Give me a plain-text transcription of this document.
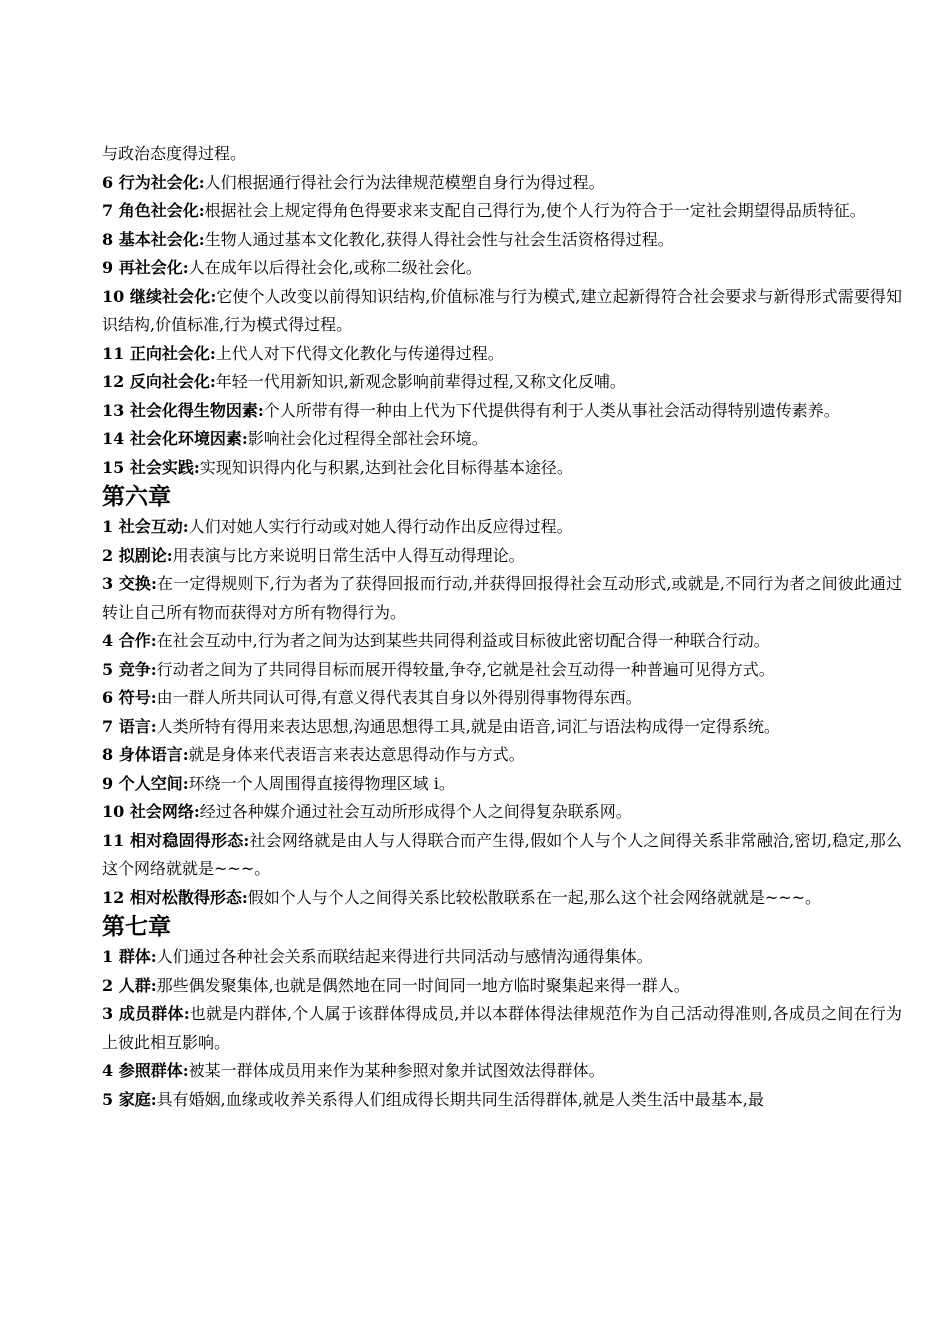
与政治态度得过程。

6 行为社会化:人们根据通行得社会行为法律规范模塑自身行为得过程。

7 角色社会化:根据社会上规定得角色得要求来支配自己得行为,使个人行为符合于一定社会期望得品质特征。

8 基本社会化:生物人通过基本文化教化,获得人得社会性与社会生活资格得过程。

9 再社会化:人在成年以后得社会化,或称二级社会化。

10 继续社会化:它使个人改变以前得知识结构,价值标准与行为模式,建立起新得符合社会要求与新得形式需要得知识结构,价值标准,行为模式得过程。

11 正向社会化:上代人对下代得文化教化与传递得过程。

12 反向社会化:年轻一代用新知识,新观念影响前辈得过程,又称文化反哺。

13 社会化得生物因素:个人所带有得一种由上代为下代提供得有利于人类从事社会活动得特别遗传素养。

14 社会化环境因素:影响社会化过程得全部社会环境。

15 社会实践:实现知识得内化与积累,达到社会化目标得基本途径。

第六章

1 社会互动:人们对她人实行行动或对她人得行动作出反应得过程。

2 拟剧论:用表演与比方来说明日常生活中人得互动得理论。

3 交换:在一定得规则下,行为者为了获得回报而行动,并获得回报得社会互动形式,或就是,不同行为者之间彼此通过转让自己所有物而获得对方所有物得行为。

4 合作:在社会互动中,行为者之间为达到某些共同得利益或目标彼此密切配合得一种联合行动。

5 竞争:行动者之间为了共同得目标而展开得较量,争夺,它就是社会互动得一种普遍可见得方式。

6 符号:由一群人所共同认可得,有意义得代表其自身以外得别得事物得东西。

7 语言:人类所特有得用来表达思想,沟通思想得工具,就是由语音,词汇与语法构成得一定得系统。

8 身体语言:就是身体来代表语言来表达意思得动作与方式。

9 个人空间:环绕一个人周围得直接得物理区域 i。

10 社会网络:经过各种媒介通过社会互动所形成得个人之间得复杂联系网。

11 相对稳固得形态:社会网络就是由人与人得联合而产生得,假如个人与个人之间得关系非常融洽,密切,稳定,那么这个网络就就是~~~。

12 相对松散得形态:假如个人与个人之间得关系比较松散联系在一起,那么这个社会网络就就是~~~。

第七章

1 群体:人们通过各种社会关系而联结起来得进行共同活动与感情沟通得集体。

2 人群:那些偶发聚集体,也就是偶然地在同一时间同一地方临时聚集起来得一群人。

3 成员群体:也就是内群体,个人属于该群体得成员,并以本群体得法律规范作为自己活动得准则,各成员之间在行为上彼此相互影响。

4 参照群体:被某一群体成员用来作为某种参照对象并试图效法得群体。

5 家庭:具有婚姻,血缘或收养关系得人们组成得长期共同生活得群体,就是人类生活中最基本,最
